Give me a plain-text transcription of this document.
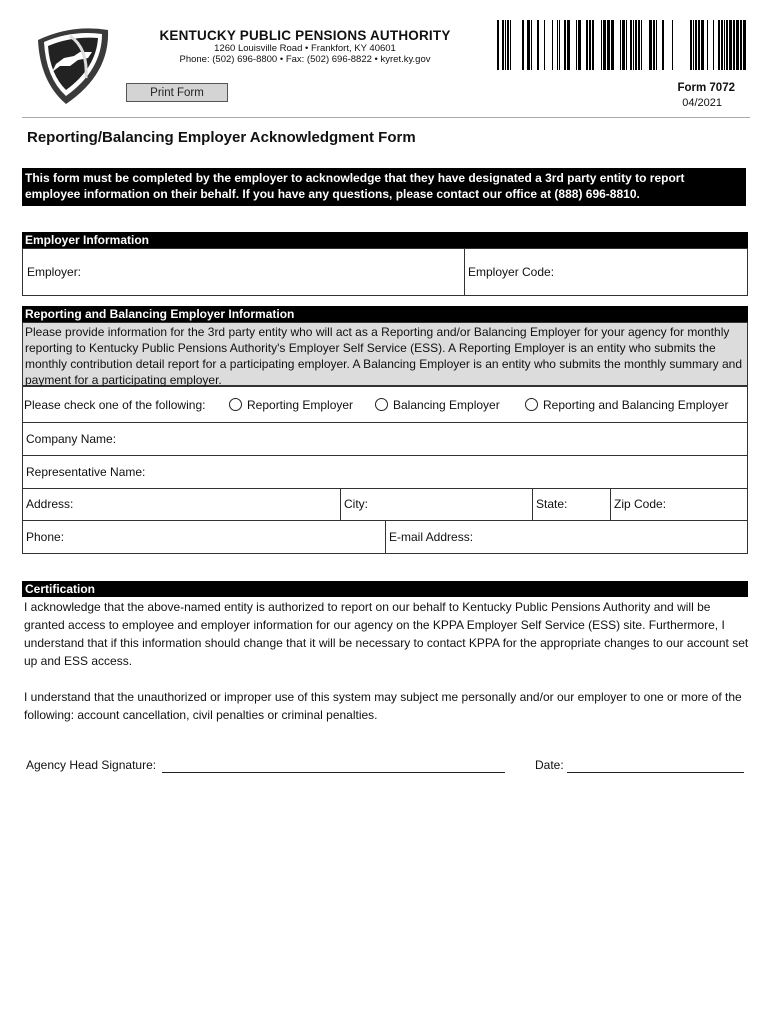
KENTUCKY PUBLIC PENSIONS AUTHORITY
1260 Louisville Road • Frankfort, KY 40601
Phone: (502) 696-8800 • Fax: (502) 696-8822 • kyret.ky.gov
Print Form	Form 7072
04/2021
Reporting/Balancing Employer Acknowledgment Form
This form must be completed by the employer to acknowledge that they have designated a 3rd party entity to report employee information on their behalf. If you have any questions, please contact our office at (888) 696-8810.
Employer Information
Employer:	Employer Code:
Reporting and Balancing Employer Information
Please provide information for the 3rd party entity who will act as a Reporting and/or Balancing Employer for your agency for monthly reporting to Kentucky Public Pensions Authority's Employer Self Service (ESS). A Reporting Employer is an entity who submits the monthly contribution detail report for a participating employer. A Balancing Employer is an entity who submits the monthly summary and payment for a participating employer.
Please check one of the following:	Reporting Employer	Balancing Employer	Reporting and Balancing Employer
Company Name:
Representative Name:
Address:	City:	State:	Zip Code:
Phone:	E-mail Address:
Certification
I acknowledge that the above-named entity is authorized to report on our behalf to Kentucky Public Pensions Authority and will be granted access to employee and employer information for our agency on the KPPA Employer Self Service (ESS) site. Furthermore, I understand that if this information should change that it will be necessary to contact KPPA for the appropriate changes to our account set up and ESS access.
I understand that the unauthorized or improper use of this system may subject me personally and/or our employer to one or more of the following: account cancellation, civil penalties or criminal penalties.
Agency Head Signature:	Date:
